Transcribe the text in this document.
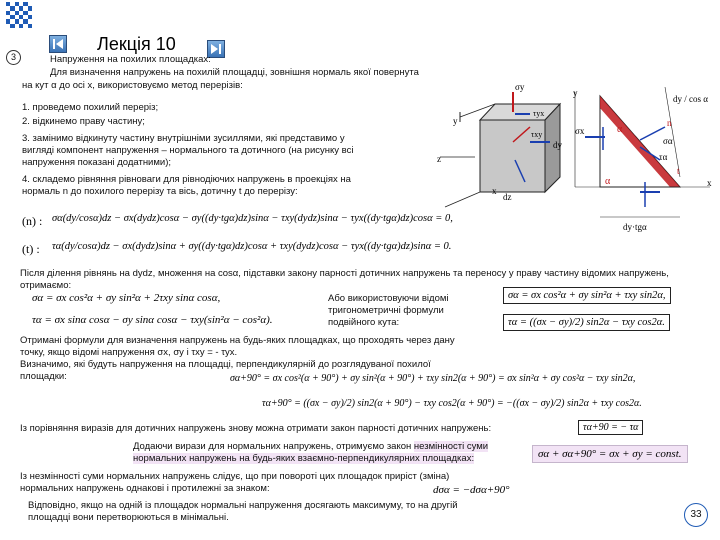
3
Лекція 10
Напруження на похилих площадках:
Для визначення напружень на похилій площадці, зовнішня нормаль якої повернута
на кут α до осі x, використовуємо метод перерізів:
1. проведемо похилий переріз;
2. відкинемо праву частину;
3. замінимо відкинуту частину внутрішніми зусиллями, які представимо у вигляді компонент напруження – нормального та дотичного (на рисунку всі напруження показані додатними);
4. складемо рівняння рівноваги для рівнодіючих напружень в проекціях на нормаль n до похилого перерізу та вісь, дотичну t до перерізу:
σy
τyx
τxy
dy
dz
y
z
x
y
x
σx	α
α
n
σα
τα
t
dy / cos α
dy·tgα
(n) : σα(dy/cosα)dz − σx(dydz)cosα − σy((dy·tgα)dz)sinα − τxy(dydz)sinα − τyx((dy·tgα)dz)cosα = 0,
(t) : τα(dy/cosα)dz − σx(dydz)sinα + σy((dy·tgα)dz)cosα + τxy(dydz)cosα − τyx((dy·tgα)dz)sinα = 0.
Після ділення рівнянь на dydz, множення на cosα, підставки закону парності дотичних напружень та переносу у праву частину відомих напружень, отримаємо:
σα = σx cos²α + σy sin²α + 2τxy sinα cosα,
τα = σx sinα cosα − σy sinα cosα − τxy(sin²α − cos²α).
Або використовуючи відомі тригонометричні формули подвійного кута:
σα = σx cos²α + σy sin²α + τxy sin2α,
τα = ((σx − σy)/2) sin2α − τxy cos2α.
Отримані формули для визначення напружень на будь-яких площадках, що проходять через дану точку, якщо відомі напруження σx, σy і τxy = - τyx.
Визначимо, які будуть напруження на площадці, перпендикулярній до розглядуваної похилої площадки:	σα+90° = σx cos²(α + 90°) + σy sin²(α + 90°) + τxy sin2(α + 90°) = σx sin²α + σy cos²α − τxy sin2α,
τα+90° = ((σx − σy)/2) sin2(α + 90°) − τxy cos2(α + 90°) = −((σx − σy)/2) sin2α + τxy cos2α.
Із порівняння виразів для дотичних напружень знову можна отримати закон парності дотичних напружень:	τα+90 = − τα
Додаючи вирази для нормальних напружень, отримуємо закон незмінності суми нормальних напружень на будь-яких взаємно-перпендикулярних площадках:	σα + σα+90° = σx + σy = const.
Із незмінності суми нормальних напружень слідує, що при повороті цих площадок приріст (зміна) нормальних напружень однакові і протилежні за знаком:	dσα = −dσα+90°
Відповідно, якщо на одній із площадок нормальні напруження досягають максимуму, то на другій площадці вони перетворюються в мінімальні.	33
